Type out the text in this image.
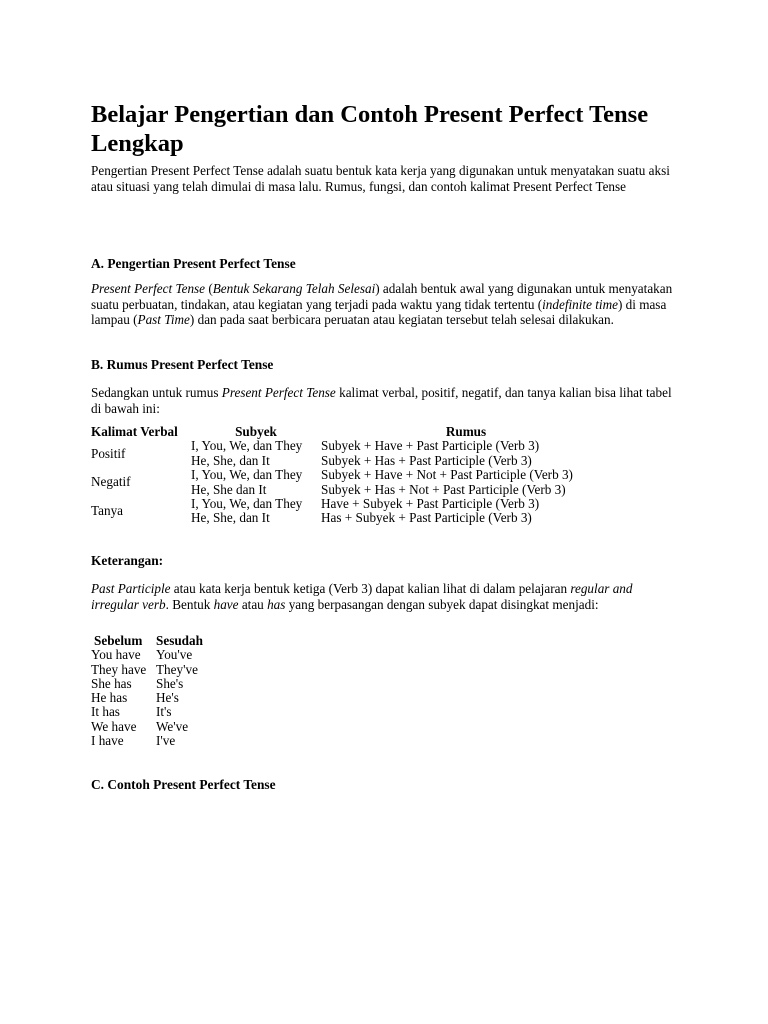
Belajar Pengertian dan Contoh Present Perfect Tense Lengkap

Pengertian Present Perfect Tense adalah suatu bentuk kata kerja yang digunakan untuk menyatakan suatu aksi atau situasi yang telah dimulai di masa lalu. Rumus, fungsi, dan contoh kalimat Present Perfect Tense

A. Pengertian Present Perfect Tense

Present Perfect Tense (Bentuk Sekarang Telah Selesai) adalah bentuk awal yang digunakan untuk menyatakan suatu perbuatan, tindakan, atau kegiatan yang terjadi pada waktu yang tidak tertentu (indefinite time) di masa lampau (Past Time) dan pada saat berbicara peruatan atau kegiatan tersebut telah selesai dilakukan.

B. Rumus Present Perfect Tense

Sedangkan untuk rumus Present Perfect Tense kalimat verbal, positif, negatif, dan tanya kalian bisa lihat tabel di bawah ini:

Kalimat Verbal	Subyek	Rumus
Positif	I, You, We, dan They	Subyek + Have + Past Participle (Verb 3)
	He, She, dan It	Subyek + Has + Past Participle (Verb 3)
Negatif	I, You, We, dan They	Subyek + Have + Not + Past Participle (Verb 3)
	He, She dan It	Subyek + Has + Not + Past Participle (Verb 3)
Tanya	I, You, We, dan They	Have + Subyek + Past Participle (Verb 3)
	He, She, dan It	Has + Subyek + Past Participle (Verb 3)

Keterangan:

Past Participle atau kata kerja bentuk ketiga (Verb 3) dapat kalian lihat di dalam pelajaran regular and irregular verb. Bentuk have atau has yang berpasangan dengan subyek dapat disingkat menjadi:

Sebelum	Sesudah
You have	You've
They have	They've
She has	She's
He has	He's
It has	It's
We have	We've
I have	I've

C. Contoh Present Perfect Tense
